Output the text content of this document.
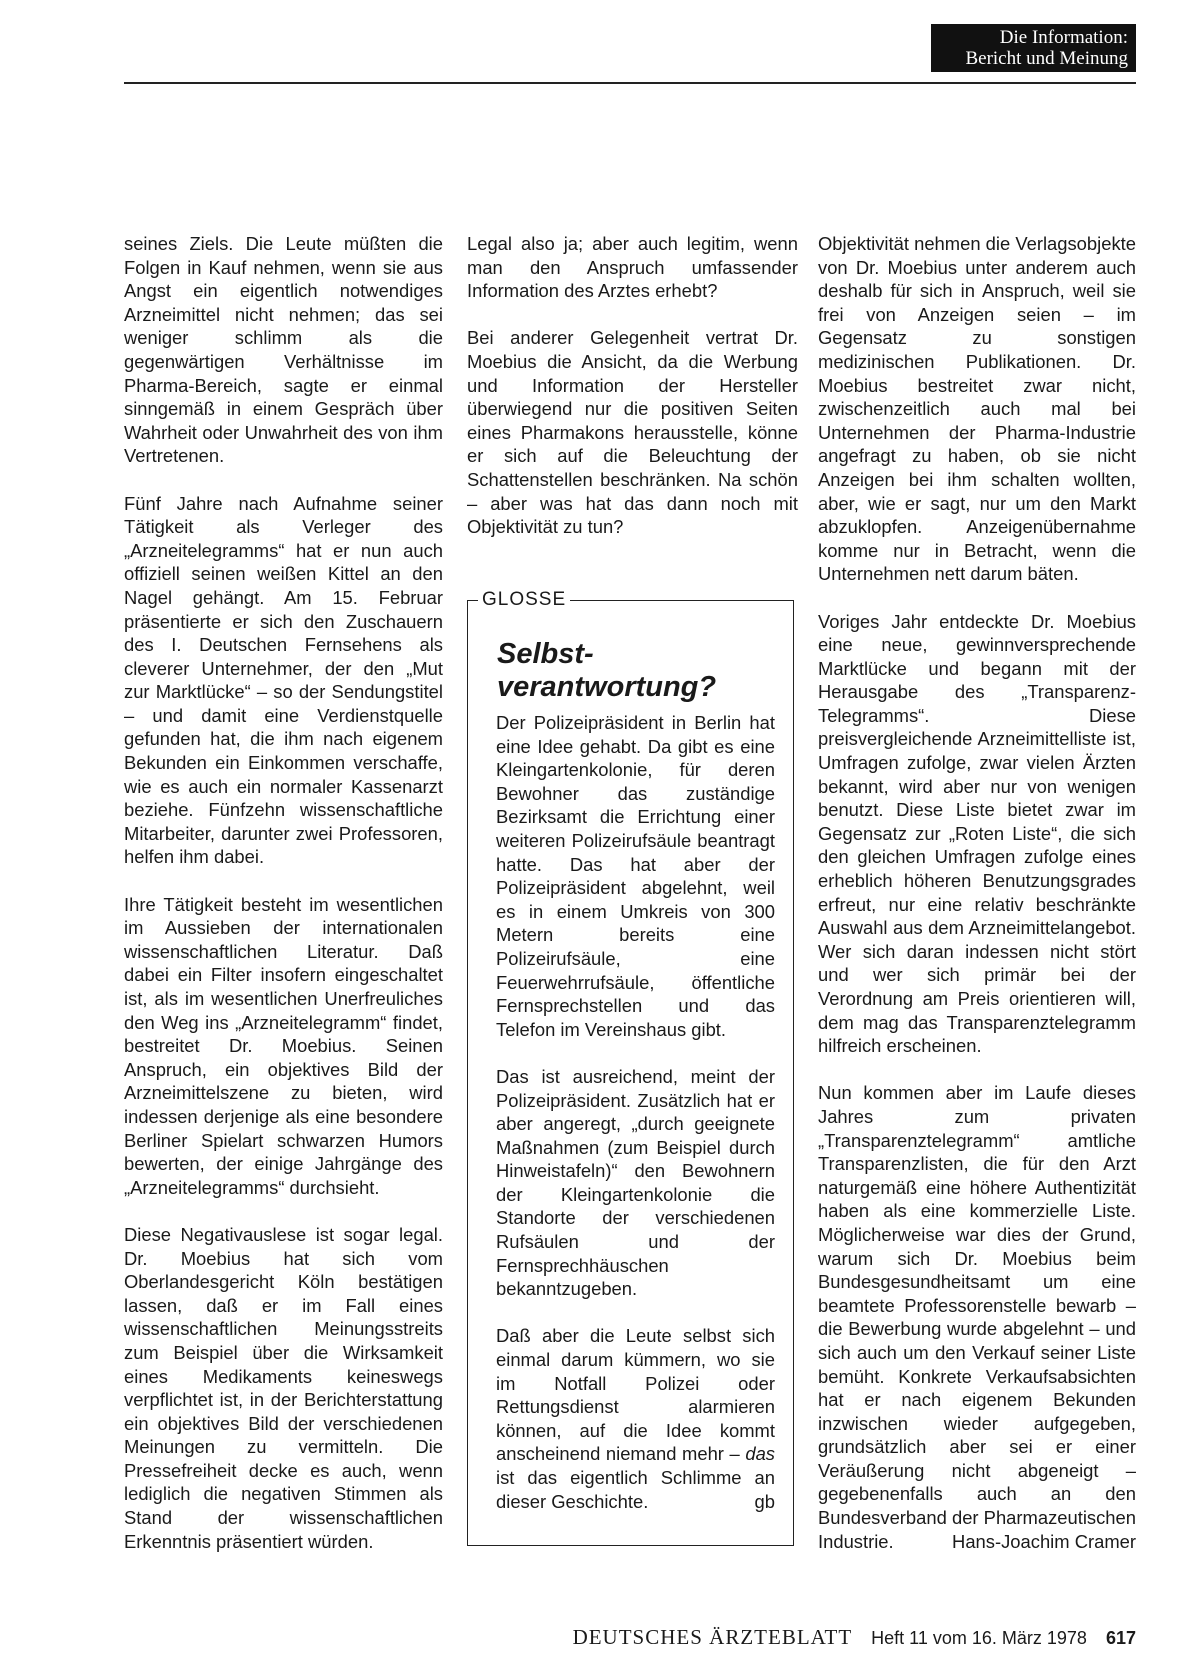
Die Information:
Bericht und Meinung

seines Ziels. Die Leute müßten die Folgen in Kauf nehmen, wenn sie aus Angst ein eigentlich notwendiges Arzneimittel nicht nehmen; das sei weniger schlimm als die gegenwärtigen Verhältnisse im Pharma-Bereich, sagte er einmal sinngemäß in einem Gespräch über Wahrheit oder Unwahrheit des von ihm Vertretenen.

Fünf Jahre nach Aufnahme seiner Tätigkeit als Verleger des „Arzneitelegramms“ hat er nun auch offiziell seinen weißen Kittel an den Nagel gehängt. Am 15. Februar präsentierte er sich den Zuschauern des I. Deutschen Fernsehens als cleverer Unternehmer, der den „Mut zur Marktlücke“ – so der Sendungstitel – und damit eine Verdienstquelle gefunden hat, die ihm nach eigenem Bekunden ein Einkommen verschaffe, wie es auch ein normaler Kassenarzt beziehe. Fünfzehn wissenschaftliche Mitarbeiter, darunter zwei Professoren, helfen ihm dabei.

Ihre Tätigkeit besteht im wesentlichen im Aussieben der internationalen wissenschaftlichen Literatur. Daß dabei ein Filter insofern eingeschaltet ist, als im wesentlichen Unerfreuliches den Weg ins „Arzneitelegramm“ findet, bestreitet Dr. Moebius. Seinen Anspruch, ein objektives Bild der Arzneimittelszene zu bieten, wird indessen derjenige als eine besondere Berliner Spielart schwarzen Humors bewerten, der einige Jahrgänge des „Arzneitelegramms“ durchsieht.

Diese Negativauslese ist sogar legal. Dr. Moebius hat sich vom Oberlandesgericht Köln bestätigen lassen, daß er im Fall eines wissenschaftlichen Meinungsstreits zum Beispiel über die Wirksamkeit eines Medikaments keineswegs verpflichtet ist, in der Berichterstattung ein objektives Bild der verschiedenen Meinungen zu vermitteln. Die Pressefreiheit decke es auch, wenn lediglich die negativen Stimmen als Stand der wissenschaftlichen Erkenntnis präsentiert würden.

Legal also ja; aber auch legitim, wenn man den Anspruch umfassender Information des Arztes erhebt?

Bei anderer Gelegenheit vertrat Dr. Moebius die Ansicht, da die Werbung und Information der Hersteller überwiegend nur die positiven Seiten eines Pharmakons herausstelle, könne er sich auf die Beleuchtung der Schattenstellen beschränken. Na schön – aber was hat das dann noch mit Objektivität zu tun?

GLOSSE
Selbst-
verantwortung?

Der Polizeipräsident in Berlin hat eine Idee gehabt. Da gibt es eine Kleingartenkolonie, für deren Bewohner das zuständige Bezirksamt die Errichtung einer weiteren Polizeirufsäule beantragt hatte. Das hat aber der Polizeipräsident abgelehnt, weil es in einem Umkreis von 300 Metern bereits eine Polizeirufsäule, eine Feuerwehrrufsäule, öffentliche Fernsprechstellen und das Telefon im Vereinshaus gibt.

Das ist ausreichend, meint der Polizeipräsident. Zusätzlich hat er aber angeregt, „durch geeignete Maßnahmen (zum Beispiel durch Hinweistafeln)“ den Bewohnern der Kleingartenkolonie die Standorte der verschiedenen Rufsäulen und der Fernsprechhäuschen bekanntzugeben.

Daß aber die Leute selbst sich einmal darum kümmern, wo sie im Notfall Polizei oder Rettungsdienst alarmieren können, auf die Idee kommt anscheinend niemand mehr – das ist das eigentlich Schlimme an dieser Geschichte.	gb

Objektivität nehmen die Verlagsobjekte von Dr. Moebius unter anderem auch deshalb für sich in Anspruch, weil sie frei von Anzeigen seien – im Gegensatz zu sonstigen medizinischen Publikationen. Dr. Moebius bestreitet zwar nicht, zwischenzeitlich auch mal bei Unternehmen der Pharma-Industrie angefragt zu haben, ob sie nicht Anzeigen bei ihm schalten wollten, aber, wie er sagt, nur um den Markt abzuklopfen. Anzeigenübernahme komme nur in Betracht, wenn die Unternehmen nett darum bäten.

Voriges Jahr entdeckte Dr. Moebius eine neue, gewinnversprechende Marktlücke und begann mit der Herausgabe des „Transparenz-Telegramms“. Diese preisvergleichende Arzneimittelliste ist, Umfragen zufolge, zwar vielen Ärzten bekannt, wird aber nur von wenigen benutzt. Diese Liste bietet zwar im Gegensatz zur „Roten Liste“, die sich den gleichen Umfragen zufolge eines erheblich höheren Benutzungsgrades erfreut, nur eine relativ beschränkte Auswahl aus dem Arzneimittelangebot. Wer sich daran indessen nicht stört und wer sich primär bei der Verordnung am Preis orientieren will, dem mag das Transparenztelegramm hilfreich erscheinen.

Nun kommen aber im Laufe dieses Jahres zum privaten „Transparenztelegramm“ amtliche Transparenzlisten, die für den Arzt naturgemäß eine höhere Authentizität haben als eine kommerzielle Liste. Möglicherweise war dies der Grund, warum sich Dr. Moebius beim Bundesgesundheitsamt um eine beamtete Professorenstelle bewarb – die Bewerbung wurde abgelehnt – und sich auch um den Verkauf seiner Liste bemüht. Konkrete Verkaufsabsichten hat er nach eigenem Bekunden inzwischen wieder aufgegeben, grundsätzlich aber sei er einer Veräußerung nicht abgeneigt – gegebenenfalls auch an den Bundesverband der Pharmazeutischen Industrie.	Hans-Joachim Cramer

DEUTSCHES ÄRZTEBLATT Heft 11 vom 16. März 1978 617
